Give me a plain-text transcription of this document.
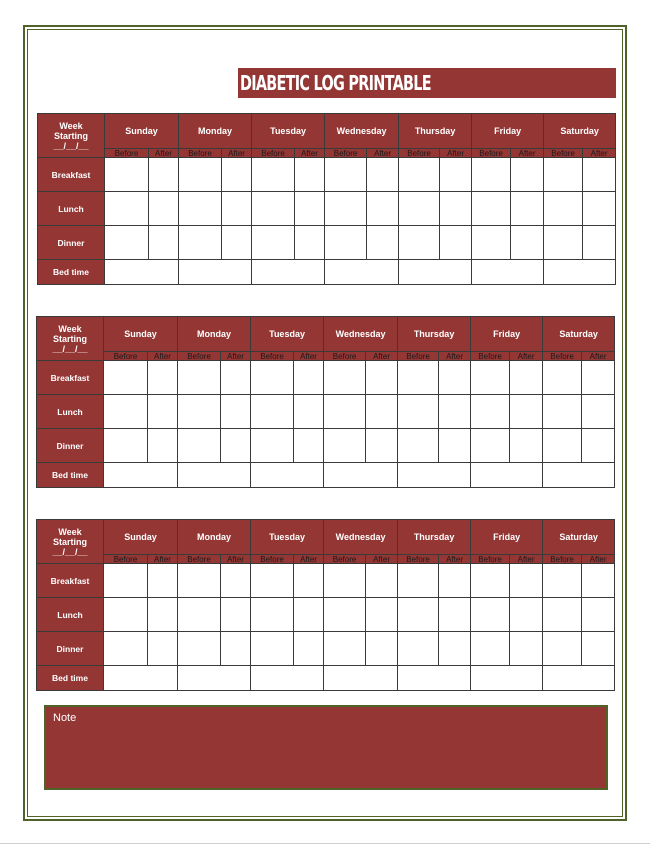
DIABETIC LOG PRINTABLE
Week
Starting
__/__/__	Sunday		Monday		Tuesday		Wednesday		Thursday		Friday		Saturday	
	Before	After	Before	After	Before	After	Before	After	Before	After	Before	After	Before	After
Breakfast														
Lunch														
Dinner														
Bed time														
Week
Starting
__/__/__	Sunday		Monday		Tuesday		Wednesday		Thursday		Friday		Saturday	
	Before	After	Before	After	Before	After	Before	After	Before	After	Before	After	Before	After
Breakfast														
Lunch														
Dinner														
Bed time														
Week
Starting
__/__/__	Sunday		Monday		Tuesday		Wednesday		Thursday		Friday		Saturday	
	Before	After	Before	After	Before	After	Before	After	Before	After	Before	After	Before	After
Breakfast														
Lunch														
Dinner														
Bed time														
Note
